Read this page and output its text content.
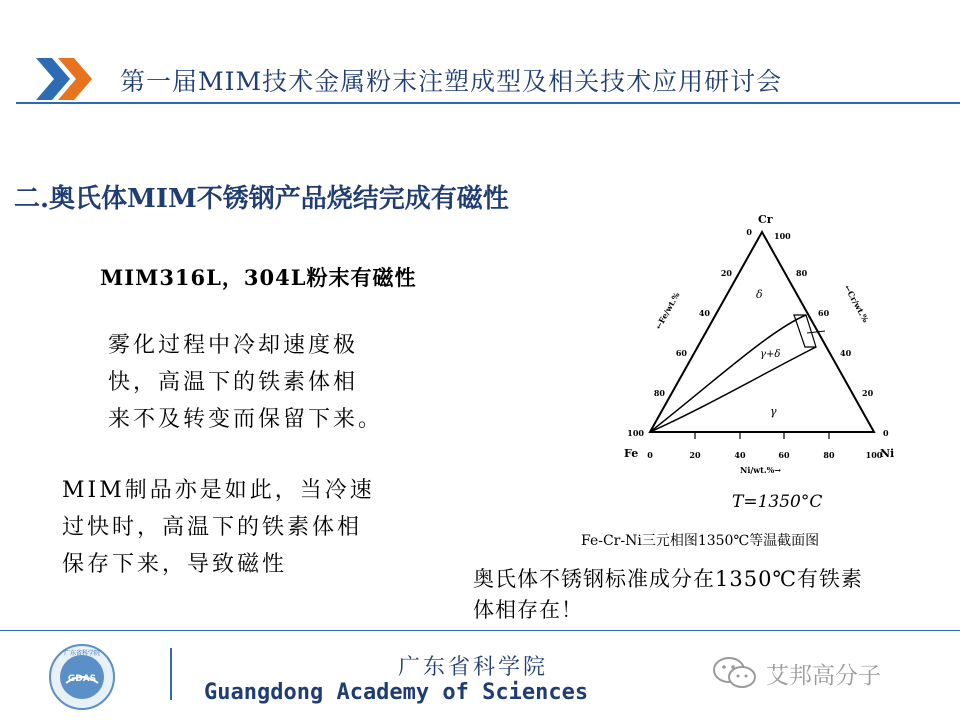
第一届MIM技术金属粉末注塑成型及相关技术应用研讨会
二.奥氏体MIM不锈钢产品烧结完成有磁性
MIM316L，304L粉末有磁性
雾化过程中冷却速度极
快，高温下的铁素体相
来不及转变而保留下来。
MIM制品亦是如此，当冷速
过快时，高温下的铁素体相
保存下来，导致磁性
Cr
Fe	Ni
0	20	40	60	80	100
100
80
60
40
20
0
0
20
40
60
80
100
←Fe/wt.%	←Cr/wt.%
Ni/wt.%→
δ
γ+δ
γ
T=1350°C
Fe-Cr-Ni三元相图1350℃等温截面图
奥氏体不锈钢标准成分在1350℃有铁素
体相存在！
GDAS
广东省科学院
广东省科学院
Guangdong Academy of Sciences
艾邦高分子
